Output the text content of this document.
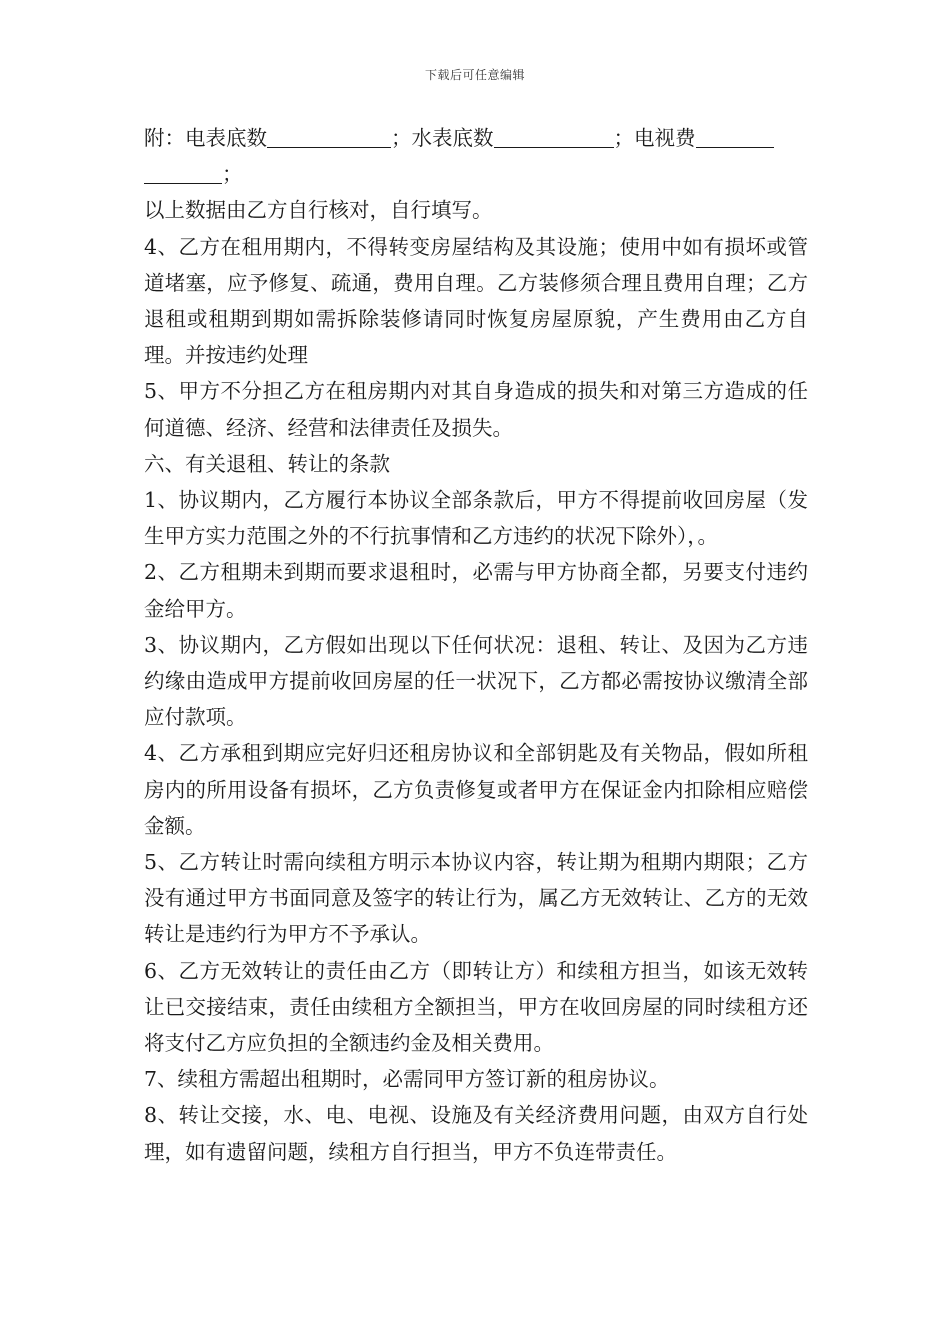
下载后可任意编辑

附：电表底数	；水表底数	；电视费
；

以上数据由乙方自行核对，自行填写。

4、乙方在租用期内，不得转变房屋结构及其设施；使用中如有损坏或管道堵塞，应予修复、疏通，费用自理。乙方装修须合理且费用自理；乙方退租或租期到期如需拆除装修请同时恢复房屋原貌，产生费用由乙方自理。并按违约处理

5、甲方不分担乙方在租房期内对其自身造成的损失和对第三方造成的任何道德、经济、经营和法律责任及损失。

六、有关退租、转让的条款

1、协议期内，乙方履行本协议全部条款后，甲方不得提前收回房屋（发生甲方实力范围之外的不行抗事情和乙方违约的状况下除外），。

2、乙方租期未到期而要求退租时，必需与甲方协商全都，另要支付违约金给甲方。

3、协议期内，乙方假如出现以下任何状况：退租、转让、及因为乙方违约缘由造成甲方提前收回房屋的任一状况下，乙方都必需按协议缴清全部应付款项。

4、乙方承租到期应完好归还租房协议和全部钥匙及有关物品，假如所租房内的所用设备有损坏，乙方负责修复或者甲方在保证金内扣除相应赔偿金额。

5、乙方转让时需向续租方明示本协议内容，转让期为租期内期限；乙方没有通过甲方书面同意及签字的转让行为，属乙方无效转让、乙方的无效转让是违约行为甲方不予承认。

6、乙方无效转让的责任由乙方（即转让方）和续租方担当，如该无效转让已交接结束，责任由续租方全额担当，甲方在收回房屋的同时续租方还将支付乙方应负担的全额违约金及相关费用。

7、续租方需超出租期时，必需同甲方签订新的租房协议。

8、转让交接，水、电、电视、设施及有关经济费用问题，由双方自行处理，如有遗留问题，续租方自行担当，甲方不负连带责任。
